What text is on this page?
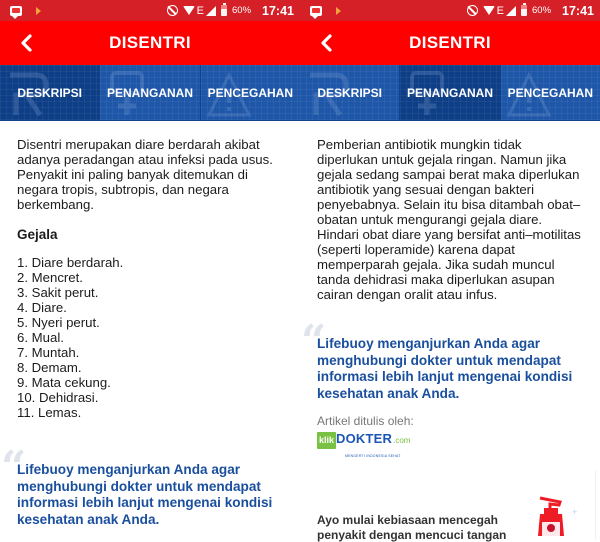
E	60% 17:41
DISENTRI
DESKRIPSI PENANGANAN PENCEGAHAN

Disentri merupakan diare berdarah akibat adanya peradangan atau infeksi pada usus. Penyakit ini paling banyak ditemukan di negara tropis, subtropis, dan negara berkembang.

Gejala
1. Diare berdarah.
2. Mencret.
3. Sakit perut.
4. Diare.
5. Nyeri perut.
6. Mual.
7. Muntah.
8. Demam.
9. Mata cekung.
10. Dehidrasi.
11. Lemas.
“

Lifebuoy menganjurkan Anda agar menghubungi dokter untuk mendapat informasi lebih lanjut mengenai kondisi kesehatan anak Anda.

E	60% 17:41
DISENTRI
DESKRIPSI PENANGANAN PENCEGAHAN

Pemberian antibiotik mungkin tidak diperlukan untuk gejala ringan. Namun jika gejala sedang sampai berat maka diperlukan antibiotik yang sesuai dengan bakteri penyebabnya. Selain itu bisa ditambah obat–obatan untuk mengurangi gejala diare. Hindari obat diare yang bersifat anti–motilitas (seperti loperamide) karena dapat memperparah gejala. Jika sudah muncul tanda dehidrasi maka diperlukan asupan cairan dengan oralit atau infus.

“

Lifebuoy menganjurkan Anda agar menghubungi dokter untuk mendapat informasi lebih lanjut mengenai kondisi kesehatan anak Anda.

Artikel ditulis oleh:
klik DOKTER .com
MENGERTI INDONESIA SEHAT
Ayo mulai kebiasaan mencegah
penyakit dengan mencuci tangan
+
